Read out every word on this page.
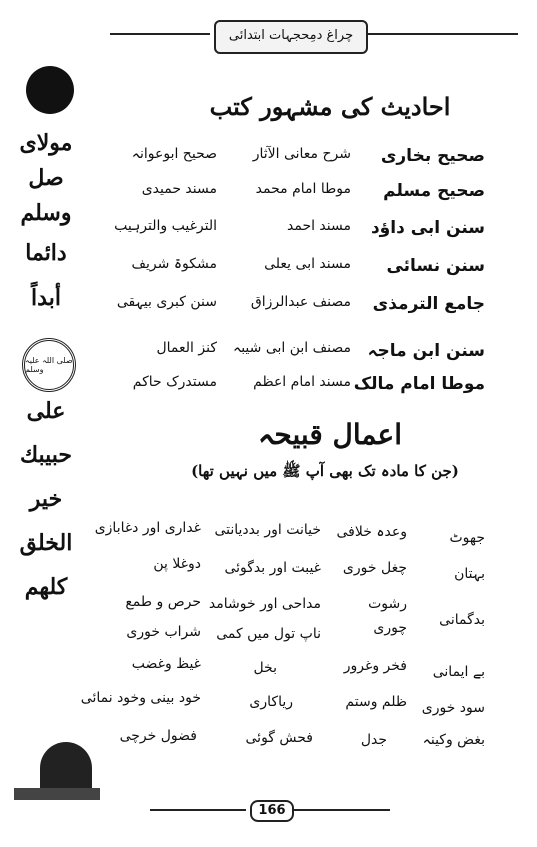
چراغ دمِحجہات ابتدائی
مولای
صل
وسلم
دائما
أبداً
صلی اللہ علیہ وسلم
على
حبيبك
خير
الخلق
كلهم
احادیث کی مشہور کتب
صحیح بخاری
شرح معانی الآثار
صحیح ابوعوانہ
صحیح مسلم
موطا امام محمد
مسند حمیدی
سنن ابی داؤد
مسند احمد
الترغیب والترہیب
سنن نسائی
مسند ابی یعلی
مشکوۃ شریف
جامع الترمذی
مصنف عبدالرزاق
سنن کبری بیہقی
سنن ابن ماجہ
مصنف ابن ابی شیبہ
کنز العمال
موطا امام مالک
مسند امام اعظم
مستدرک حاکم
اعمال قبیحہ
(جن کا مادہ تک بھی آپ ﷺ میں نہیں تھا)
جھوٹ
وعدہ خلافی
خیانت اور بددیانتی
غداری اور دغابازی
بہتان
چغل خوری
غیبت اور بدگوئی
دوغلا پن
بدگمانی
رشوت
مداحی اور خوشامد
حرص و طمع
چوری
ناپ تول میں کمی
شراب خوری
بے ایمانی
فخر وغرور
بخل
غیظ وغضب
سود خوری
ظلم وستم
ریاکاری
خود بینی وخود نمائی
بغض وکینہ
جدل
فحش گوئی
فضول خرچی
166
